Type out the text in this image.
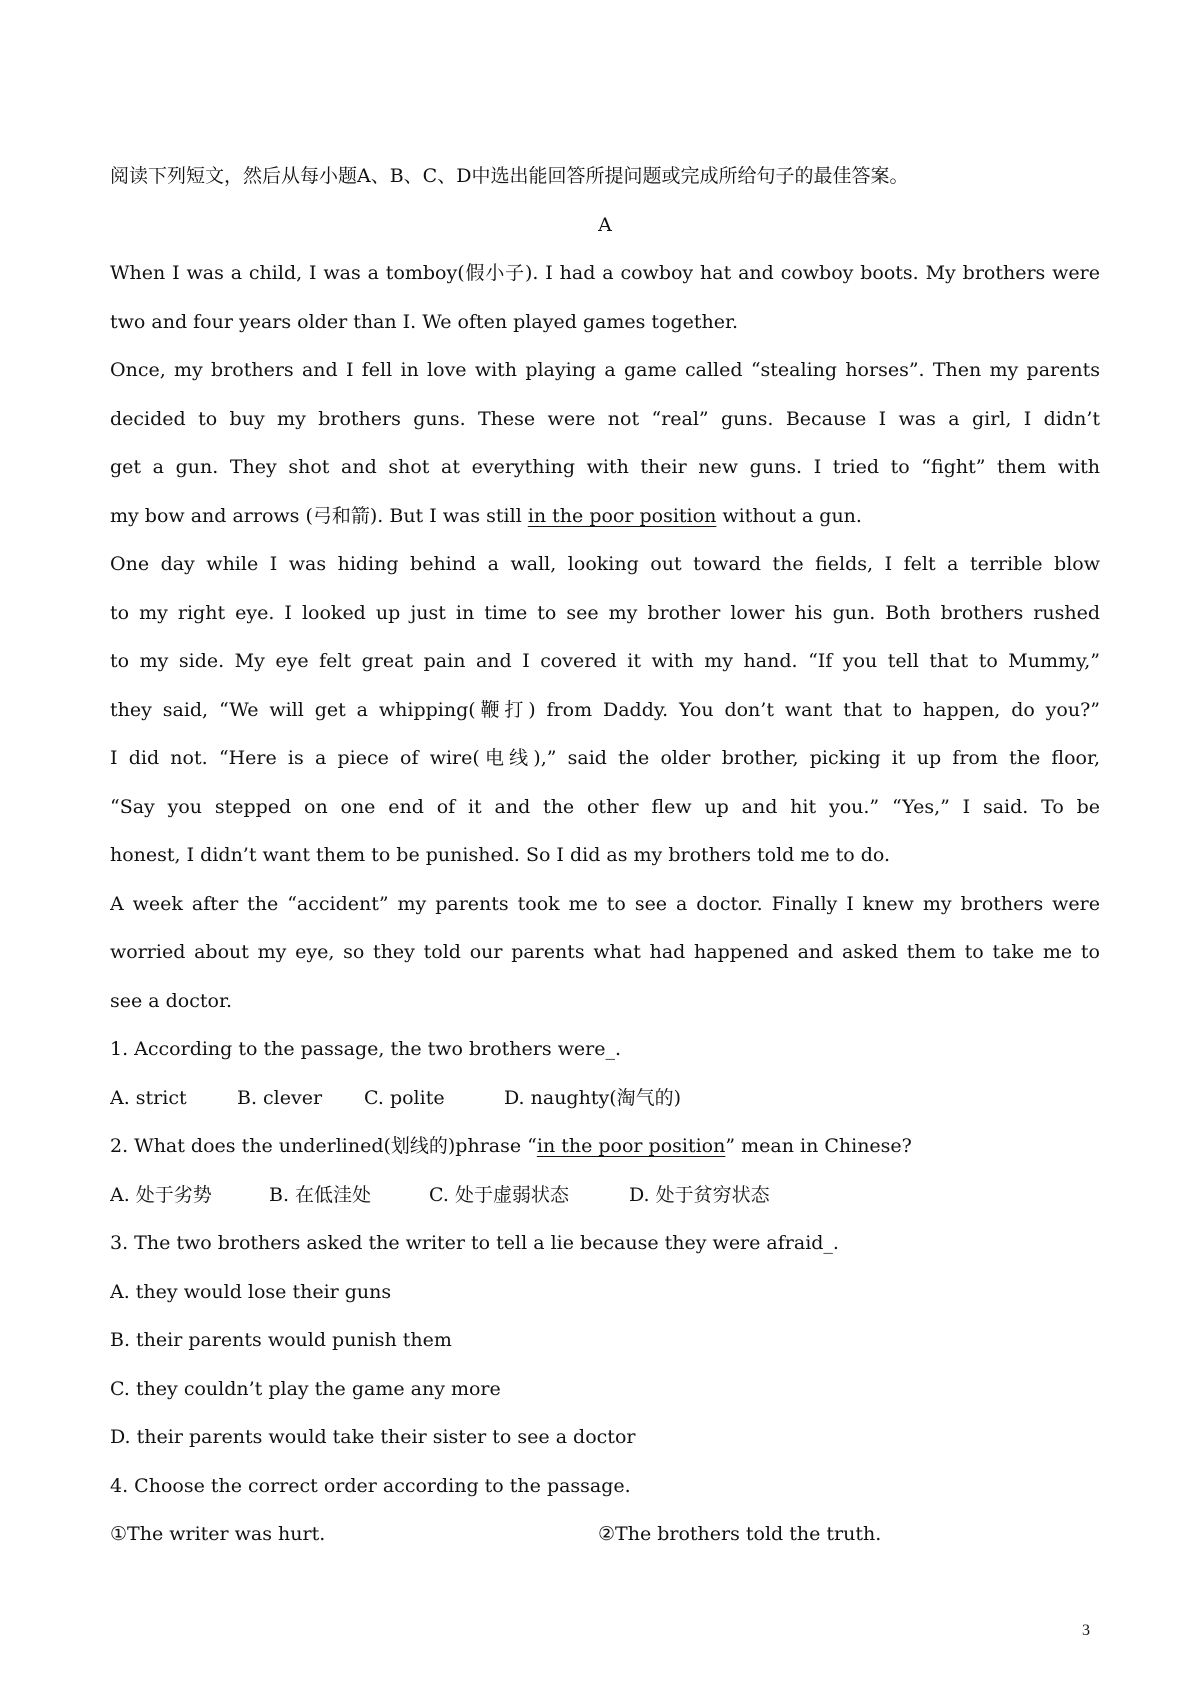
阅读下列短文，然后从每小题A、B、C、D中选出能回答所提问题或完成所给句子的最佳答案。
A
When I was a child, I was a tomboy(假小子). I had a cowboy hat and cowboy boots. My brothers were
two and four years older than I. We often played games together.
Once, my brothers and I fell in love with playing a game called “stealing horses”. Then my parents
decided to buy my brothers guns. These were not “real” guns. Because I was a girl, I didn’t
get a gun. They shot and shot at everything with their new guns. I tried to “fight” them with
my bow and arrows (弓和箭). But I was still in the poor position without a gun.
One day while I was hiding behind a wall, looking out toward the fields, I felt a terrible blow
to my right eye. I looked up just in time to see my brother lower his gun. Both brothers rushed
to my side. My eye felt great pain and I covered it with my hand. “If you tell that to Mummy,”
they said, “We will get a whipping(鞭打) from Daddy. You don’t want that to happen, do you?”
I did not. “Here is a piece of wire(电线),” said the older brother, picking it up from the floor,
“Say you stepped on one end of it and the other flew up and hit you.” “Yes,” I said. To be
honest, I didn’t want them to be punished. So I did as my brothers told me to do.
A week after the “accident” my parents took me to see a doctor. Finally I knew my brothers were
worried about my eye, so they told our parents what had happened and asked them to take me to
see a doctor.
1. According to the passage, the two brothers were_.
A. strict	B. clever C. polite	D. naughty(淘气的)
2. What does the underlined(划线的)phrase “in the poor position” mean in Chinese?
A. 处于劣势	B. 在低洼处	C. 处于虚弱状态	D. 处于贫穷状态
3. The two brothers asked the writer to tell a lie because they were afraid_.
A. they would lose their guns
B. their parents would punish them
C. they couldn’t play the game any more
D. their parents would take their sister to see a doctor
4. Choose the correct order according to the passage.
①The writer was hurt.	②The brothers told the truth.
3
